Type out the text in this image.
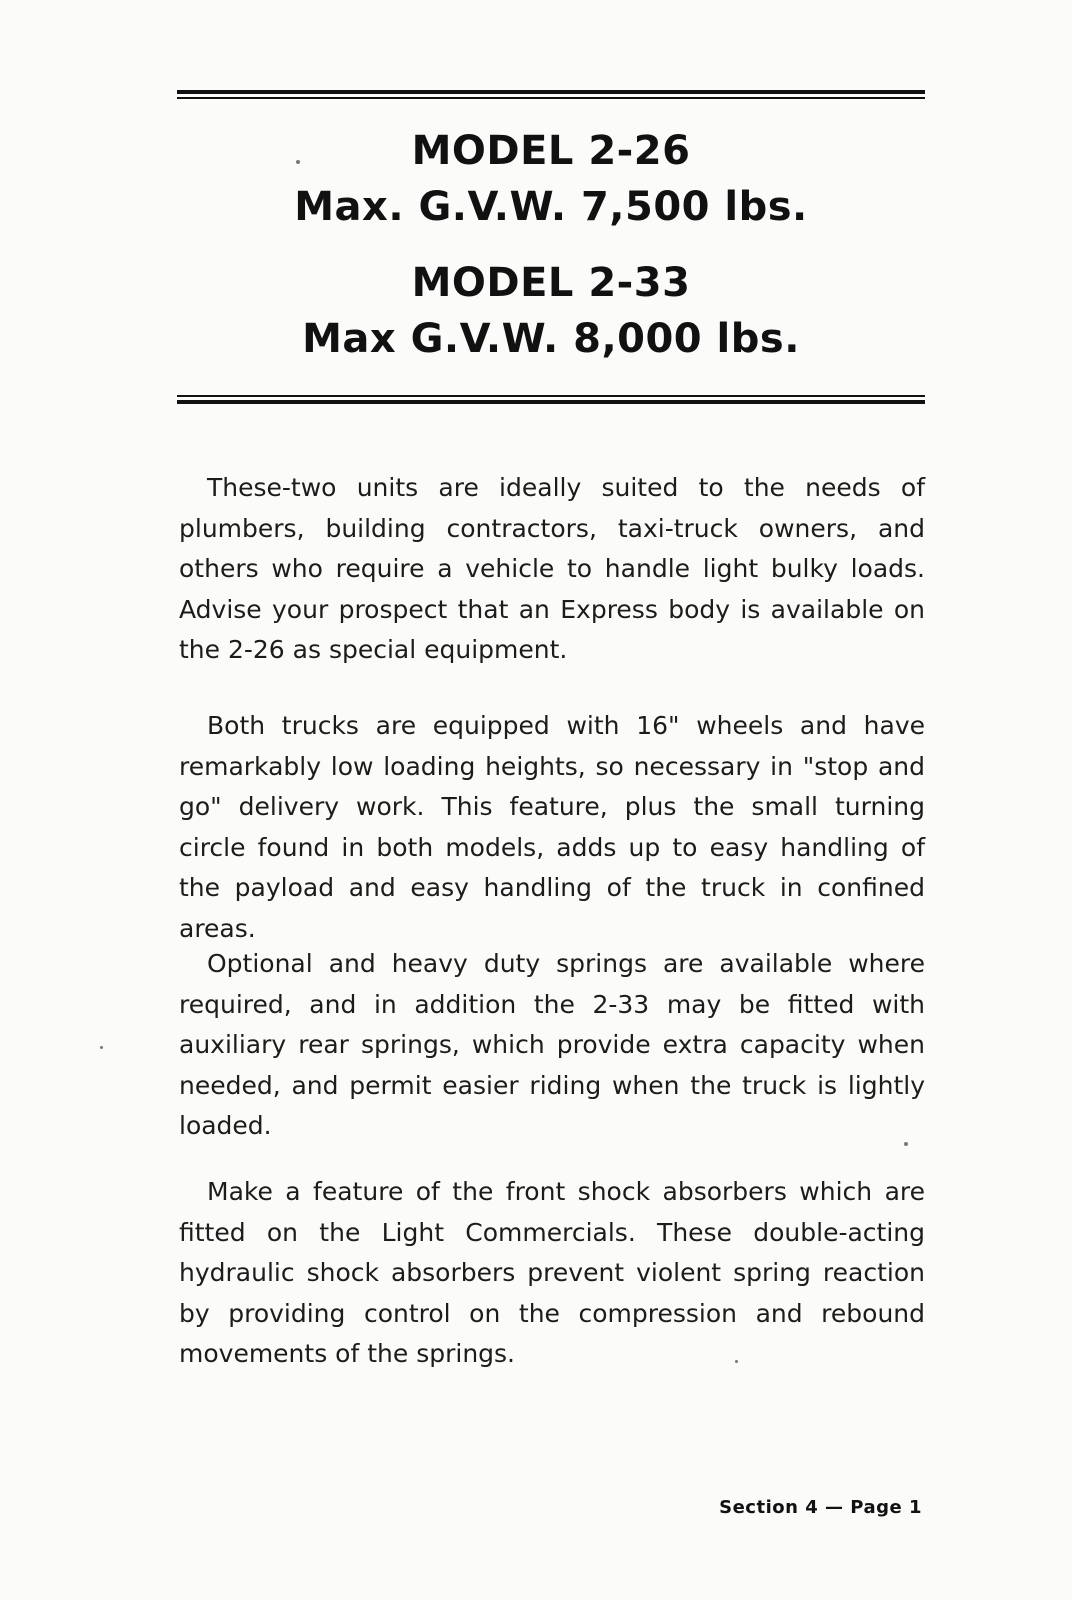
MODEL 2-26
Max. G.V.W. 7,500 lbs.
MODEL 2-33
Max G.V.W. 8,000 lbs.

These-two units are ideally suited to the needs of plumbers, building contractors, taxi-truck owners, and others who require a vehicle to handle light bulky loads. Advise your prospect that an Express body is available on the 2-26 as special equipment.

Both trucks are equipped with 16" wheels and have remarkably low loading heights, so necessary in "stop and go" delivery work. This feature, plus the small turning circle found in both models, adds up to easy handling of the payload and easy handling of the truck in confined areas.

Optional and heavy duty springs are available where required, and in addition the 2-33 may be fitted with auxiliary rear springs, which provide extra capacity when needed, and permit easier riding when the truck is lightly loaded.

Make a feature of the front shock absorbers which are fitted on the Light Commercials. These double-acting hydraulic shock absorbers prevent violent spring reaction by providing control on the compression and rebound movements of the springs.

Section 4 — Page 1
